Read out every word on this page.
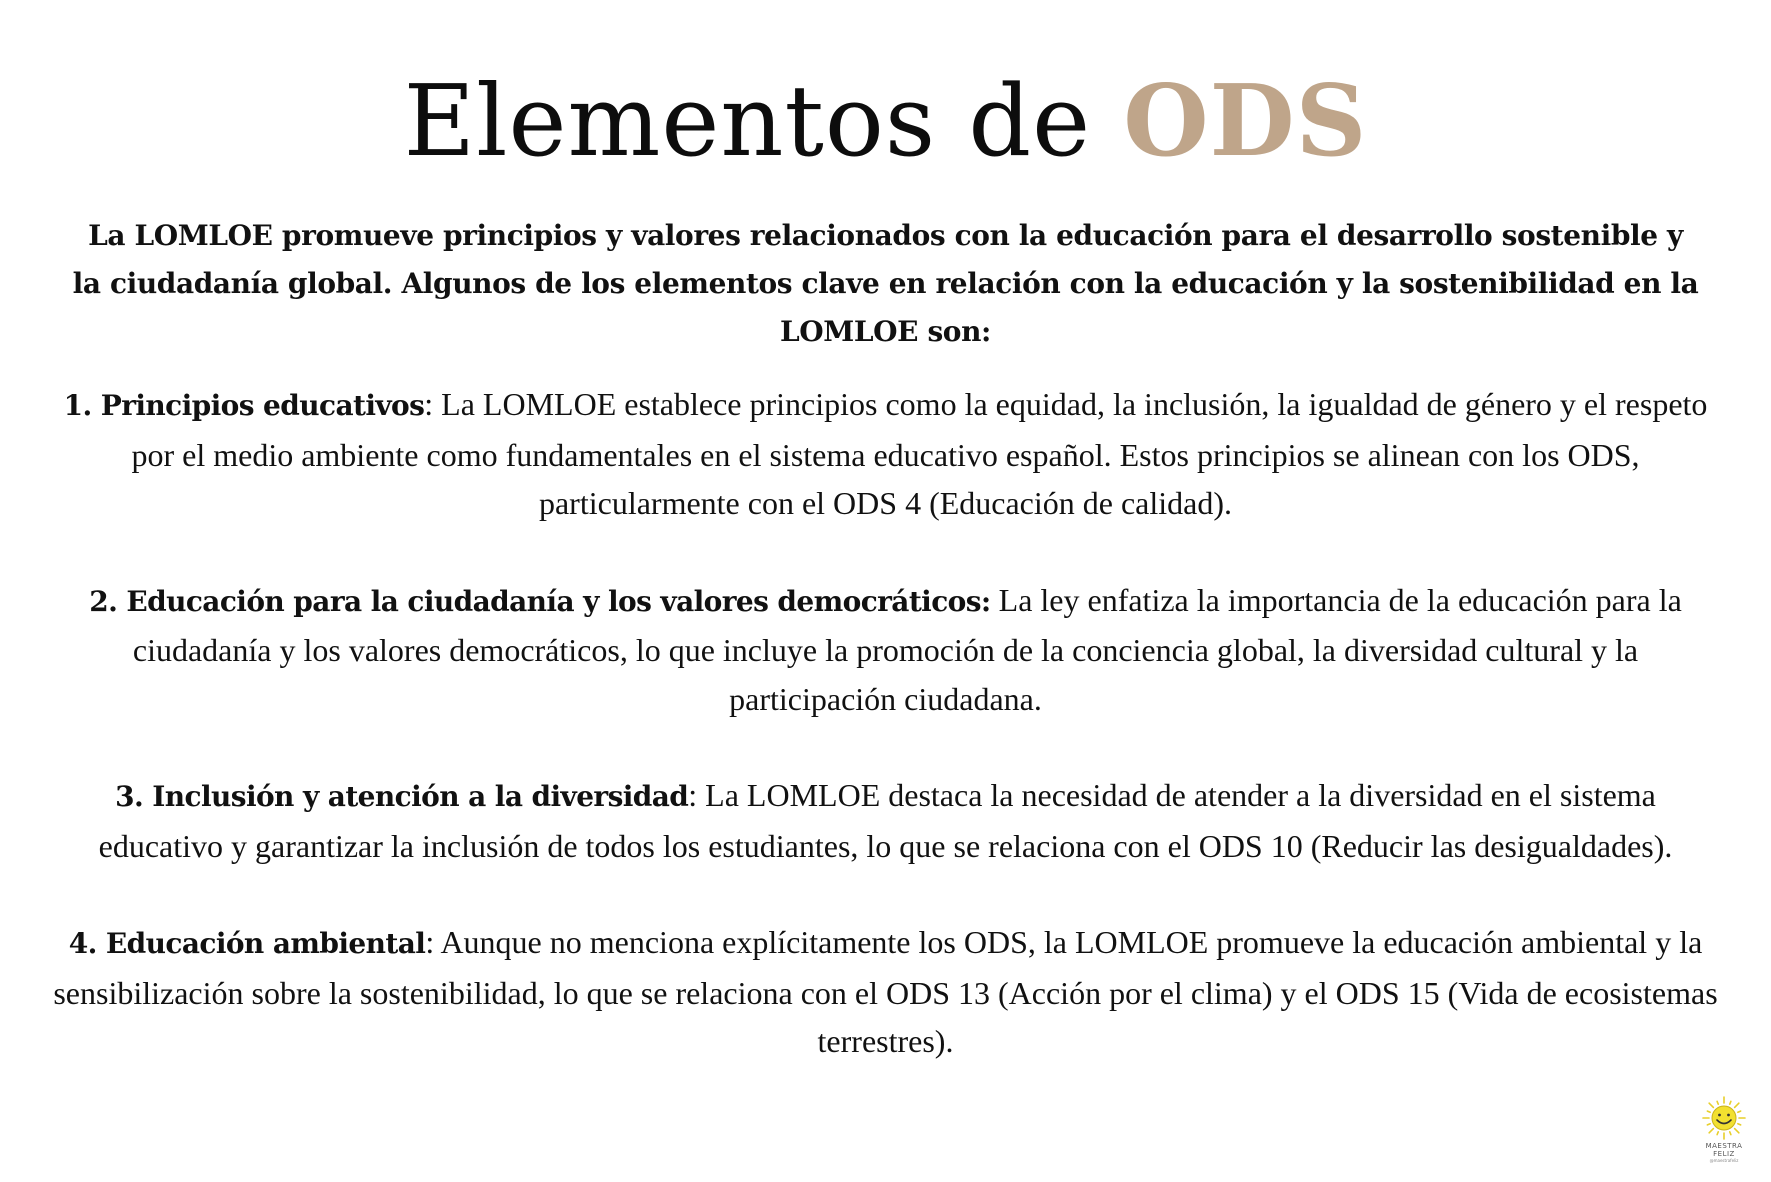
Elementos de ODS

La LOMLOE promueve principios y valores relacionados con la educación para el desarrollo sostenible y la ciudadanía global. Algunos de los elementos clave en relación con la educación y la sostenibilidad en la LOMLOE son:

1. Principios educativos: La LOMLOE establece principios como la equidad, la inclusión, la igualdad de género y el respeto por el medio ambiente como fundamentales en el sistema educativo español. Estos principios se alinean con los ODS, particularmente con el ODS 4 (Educación de calidad).

2. Educación para la ciudadanía y los valores democráticos: La ley enfatiza la importancia de la educación para la ciudadanía y los valores democráticos, lo que incluye la promoción de la conciencia global, la diversidad cultural y la participación ciudadana.

3. Inclusión y atención a la diversidad: La LOMLOE destaca la necesidad de atender a la diversidad en el sistema educativo y garantizar la inclusión de todos los estudiantes, lo que se relaciona con el ODS 10 (Reducir las desigualdades).

4. Educación ambiental: Aunque no menciona explícitamente los ODS, la LOMLOE promueve la educación ambiental y la sensibilización sobre la sostenibilidad, lo que se relaciona con el ODS 13 (Acción por el clima) y el ODS 15 (Vida de ecosistemas terrestres).

MAESTRA
FELIZ
@maestrafeliz
